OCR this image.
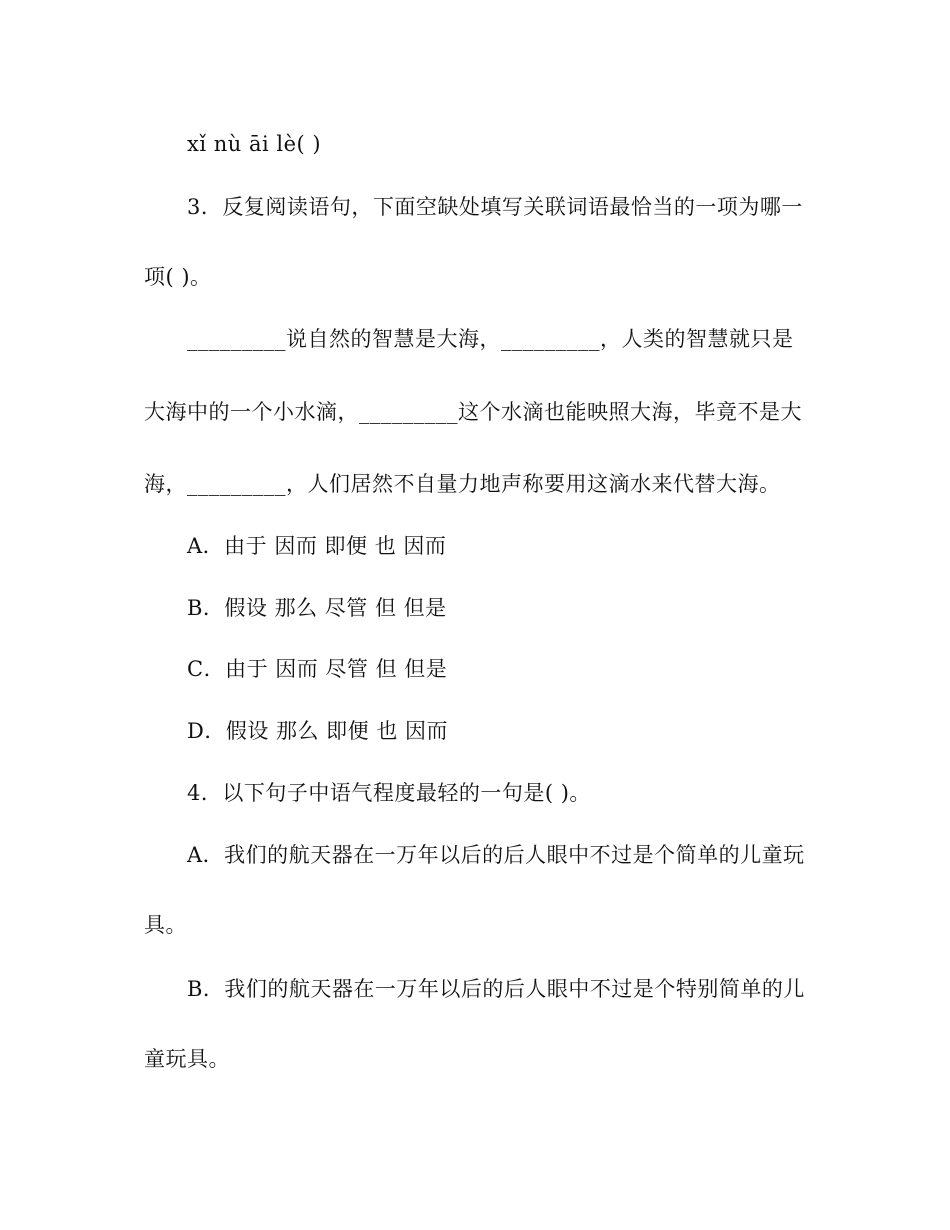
xǐ nù āi lè( )
3．反复阅读语句，下面空缺处填写关联词语最恰当的一项为哪一
项( )。
_________说自然的智慧是大海，_________，人类的智慧就只是
大海中的一个小水滴，_________这个水滴也能映照大海，毕竟不是大
海，_________，人们居然不自量力地声称要用这滴水来代替大海。
A．由于 因而 即便 也 因而
B．假设 那么 尽管 但 但是
C．由于 因而 尽管 但 但是
D．假设 那么 即便 也 因而
4．以下句子中语气程度最轻的一句是( )。
A．我们的航天器在一万年以后的后人眼中不过是个简单的儿童玩
具。
B．我们的航天器在一万年以后的后人眼中不过是个特别简单的儿
童玩具。
